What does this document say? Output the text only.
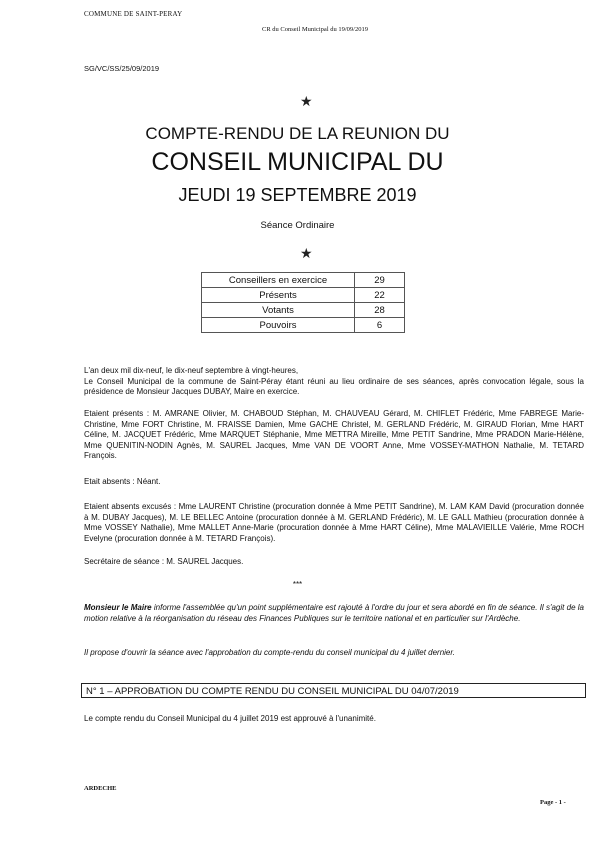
COMMUNE DE SAINT-PERAY
CR du Conseil Municipal du 19/09/2019
SG/VC/SS/25/09/2019
★
COMPTE-RENDU DE LA REUNION DU
CONSEIL MUNICIPAL DU
JEUDI 19 SEPTEMBRE 2019
Séance Ordinaire
★
Conseillers en exercice	29
Présents	22
Votants	28
Pouvoirs	6
L'an deux mil dix-neuf, le dix-neuf septembre à vingt-heures,
Le Conseil Municipal de la commune de Saint-Péray étant réuni au lieu ordinaire de ses séances, après convocation légale, sous la présidence de Monsieur Jacques DUBAY, Maire en exercice.
Etaient présents : M. AMRANE Olivier, M. CHABOUD Stéphan, M. CHAUVEAU Gérard, M. CHIFLET Frédéric, Mme FABREGE Marie-Christine, Mme FORT Christine, M. FRAISSE Damien, Mme GACHE Christel, M. GERLAND Frédéric, M. GIRAUD Florian, Mme HART Céline, M. JACQUET Frédéric, Mme MARQUET Stéphanie, Mme METTRA Mireille, Mme PETIT Sandrine, Mme PRADON Marie-Hélène, Mme QUENITIN-NODIN Agnès, M. SAUREL Jacques, Mme VAN DE VOORT Anne, Mme VOSSEY-MATHON Nathalie, M. TETARD François.
Etait absents : Néant.
Etaient absents excusés : Mme LAURENT Christine (procuration donnée à Mme PETIT Sandrine), M. LAM KAM David (procuration donnée à M. DUBAY Jacques), M. LE BELLEC Antoine (procuration donnée à M. GERLAND Frédéric), M. LE GALL Mathieu (procuration donnée à Mme VOSSEY Nathalie), Mme MALLET Anne-Marie (procuration donnée à Mme HART Céline), Mme MALAVIEILLE Valérie, Mme ROCH Evelyne (procuration donnée à M. TETARD François).
Secrétaire de séance : M. SAUREL Jacques.
***
Monsieur le Maire informe l'assemblée qu'un point supplémentaire est rajouté à l'ordre du jour et sera abordé en fin de séance. Il s'agit de la motion relative à la réorganisation du réseau des Finances Publiques sur le territoire national et en particulier sur l'Ardèche.
Il propose d'ouvrir la séance avec l'approbation du compte-rendu du conseil municipal du 4 juillet dernier.
N° 1 – APPROBATION DU COMPTE RENDU DU CONSEIL MUNICIPAL DU 04/07/2019
Le compte rendu du Conseil Municipal du 4 juillet 2019 est approuvé à l'unanimité.
ARDECHE
Page - 1 -
